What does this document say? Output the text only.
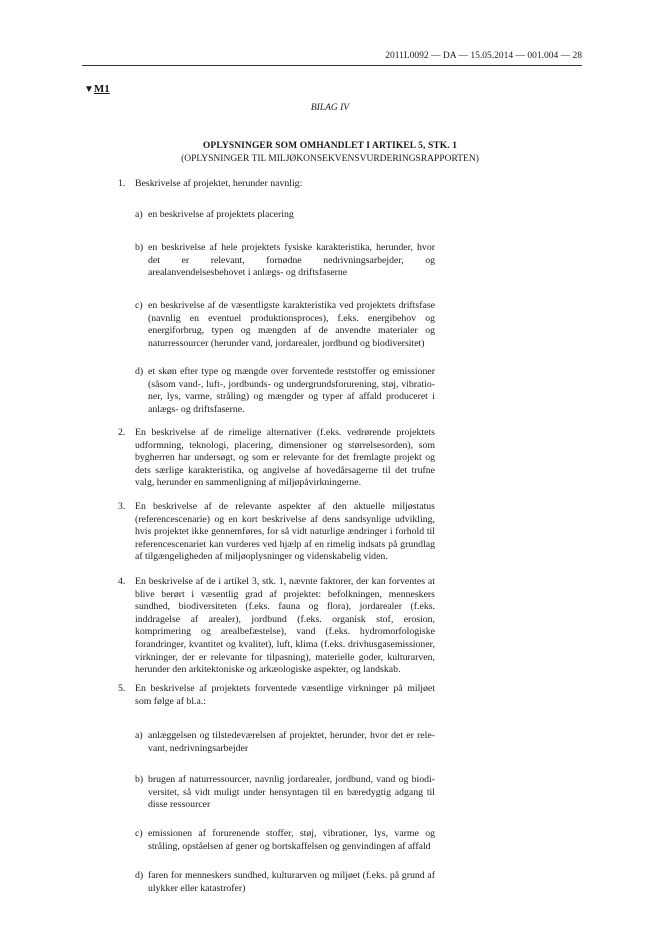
2011L0092 — DA — 15.05.2014 — 001.004 — 28
▼M1
BILAG IV
OPLYSNINGER SOM OMHANDLET I ARTIKEL 5, STK. 1
(OPLYSNINGER TIL MILJØKONSEKVENSVURDERINGSRAPPORTEN)
1. Beskrivelse af projektet, herunder navnlig:
a) en beskrivelse af projektets placering
b) en beskrivelse af hele projektets fysiske karakteristika, herunder, hvor det er relevant, fornødne nedrivningsarbejder, og arealanvendelsesbehovet i anlægs- og driftsfaserne
c) en beskrivelse af de væsentligste karakteristika ved projektets driftsfase (navnlig en eventuel produktionsproces), f.eks. energibehov og energiforbrug, typen og mængden af de anvendte materialer og naturressourcer (herunder vand, jordarealer, jordbund og biodiversitet)
d) et skøn efter type og mængde over forventede reststoffer og emissioner (såsom vand-, luft-, jordbunds- og undergrundsforurening, støj, vibrationer, lys, varme, stråling) og mængder og typer af affald produceret i anlægs- og driftsfaserne.
2. En beskrivelse af de rimelige alternativer (f.eks. vedrørende projektets udformning, teknologi, placering, dimensioner og størrelsesorden), som bygherren har undersøgt, og som er relevante for det fremlagte projekt og dets særlige karakteristika, og angivelse af hovedårsagerne til det trufne valg, herunder en sammenligning af miljøpåvirkningerne.
3. En beskrivelse af de relevante aspekter af den aktuelle miljøstatus (referencescenarie) og en kort beskrivelse af dens sandsynlige udvikling, hvis projektet ikke gennemføres, for så vidt naturlige ændringer i forhold til referencescenariet kan vurderes ved hjælp af en rimelig indsats på grundlag af tilgængeligheden af miljøoplysninger og videnskabelig viden.
4. En beskrivelse af de i artikel 3, stk. 1, nævnte faktorer, der kan forventes at blive berørt i væsentlig grad af projektet: befolkningen, menneskers sundhed, biodiversiteten (f.eks. fauna og flora), jordarealer (f.eks. inddragelse af arealer), jordbund (f.eks. organisk stof, erosion, komprimering og arealbefæstelse), vand (f.eks. hydromorfologiske forandringer, kvantitet og kvalitet), luft, klima (f.eks. drivhusgasemissioner, virkninger, der er relevante for tilpasning), materielle goder, kulturarven, herunder den arkitektoniske og arkæologiske aspekter, og landskab.
5. En beskrivelse af projektets forventede væsentlige virkninger på miljøet som følge af bl.a.:
a) anlæggelsen og tilstedeværelsen af projektet, herunder, hvor det er relevant, nedrivningsarbejder
b) brugen af naturressourcer, navnlig jordarealer, jordbund, vand og biodiversitet, så vidt muligt under hensyntagen til en bæredygtig adgang til disse ressourcer
c) emissionen af forurenende stoffer, støj, vibrationer, lys, varme og stråling, opståelsen af gener og bortskaffelsen og genvindingen af affald
d) faren for menneskers sundhed, kulturarven og miljøet (f.eks. på grund af ulykker eller katastrofer)
